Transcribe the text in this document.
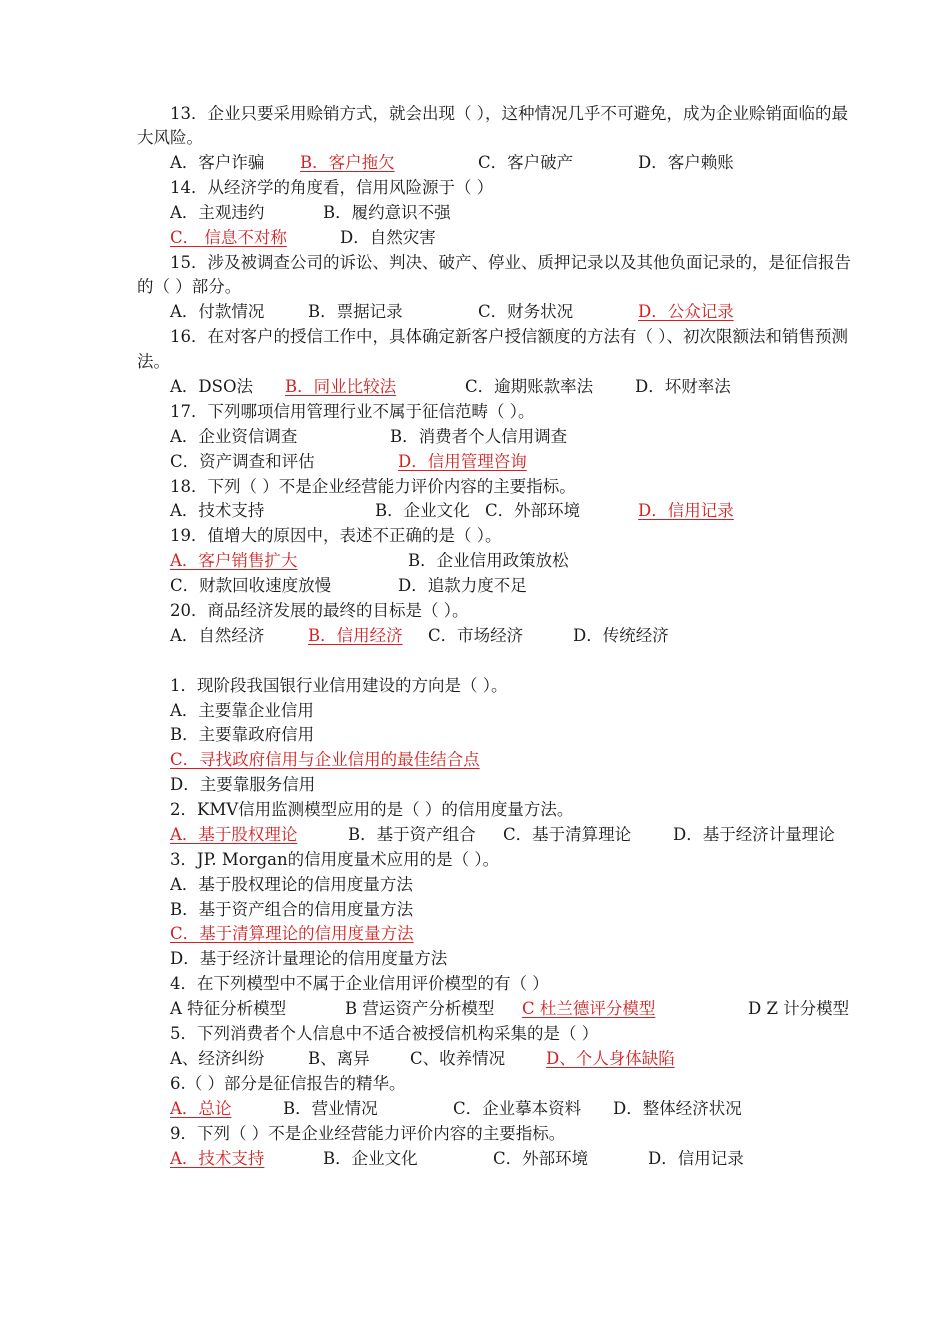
13．企业只要采用赊销方式，就会出现（ ），这种情况几乎不可避免，成为企业赊销面临的最
大风险。
A．客户诈骗 B．客户拖欠	C．客户破产	D．客户赖账
14．从经济学的角度看，信用风险源于（ ）
A．主观违约	B．履约意识不强
C． 信息不对称	D．自然灾害
15．涉及被调查公司的诉讼、判决、破产、停业、质押记录以及其他负面记录的，是征信报告
的（ ）部分。
A．付款情况	B．票据记录	C．财务状况	D．公众记录
16．在对客户的授信工作中，具体确定新客户授信额度的方法有（ ）、初次限额法和销售预测
法。
A．DSO法 B．同业比较法	C．逾期账款率法	D．坏财率法
17．下列哪项信用管理行业不属于征信范畴（ ）。
A．企业资信调查	B．消费者个人信用调查
C．资产调查和评估	D．信用管理咨询
18．下列（ ）不是企业经营能力评价内容的主要指标。
A．技术支持	B．企业文化 C．外部环境	D．信用记录
19．值增大的原因中，表述不正确的是（ ）。
A．客户销售扩大	B．企业信用政策放松
C．财款回收速度放慢	D．追款力度不足
20．商品经济发展的最终的目标是（ ）。
A．自然经济	B．信用经济 C．市场经济	D．传统经济
1．现阶段我国银行业信用建设的方向是（ ）。
A．主要靠企业信用
B．主要靠政府信用
C．寻找政府信用与企业信用的最佳结合点
D．主要靠服务信用
2．KMV信用监测模型应用的是（ ）的信用度量方法。
A．基于股权理论	B．基于资产组合 C．基于清算理论	D．基于经济计量理论
3．JP. Morgan的信用度量术应用的是（ ）。
A．基于股权理论的信用度量方法
B．基于资产组合的信用度量方法
C．基于清算理论的信用度量方法
D．基于经济计量理论的信用度量方法
4．在下列模型中不属于企业信用评价模型的有（ ）
A 特征分析模型	B 营运资产分析模型 C 杜兰德评分模型	D Z 计分模型
5．下列消费者个人信息中不适合被授信机构采集的是（ ）
A、经济纠纷	B、离异 C、收养情况 D、个人身体缺陷
6.（ ）部分是征信报告的精华。
A．总论	B．营业情况	C．企业摹本资料 D．整体经济状况
9．下列（ ）不是企业经营能力评价内容的主要指标。
A．技术支持	B．企业文化	C．外部环境	D．信用记录
